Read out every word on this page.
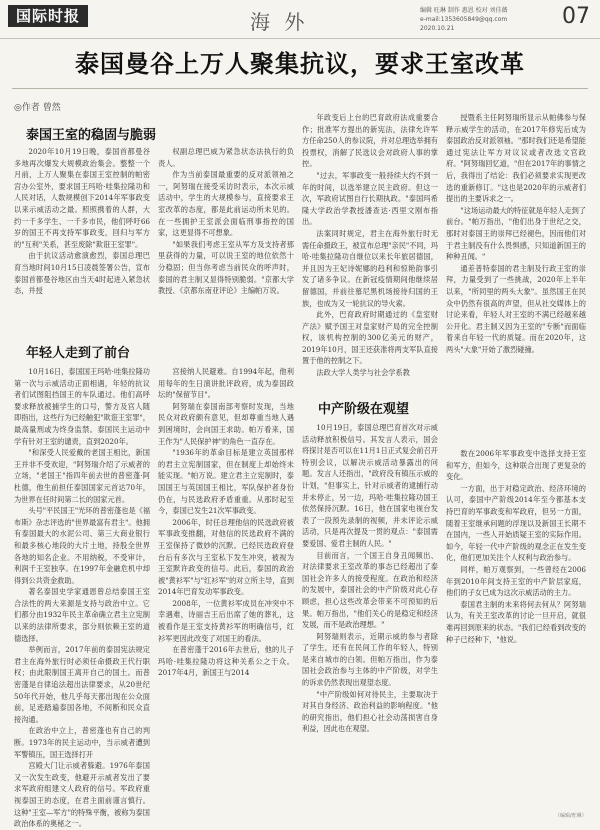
国际时报	海 外	编辑 旺琳 制作 惠恩 校对 刘佳薇
e-mail:1353605849@qq.com
2020.10.21	07
泰国曼谷上万人聚集抗议，要求王室改革
◎作者 曾然
泰国王室的稳固与脆弱

2020年10月19日晚，泰国首都曼谷多地再次爆发大规模政治集会。整整一个月前，上万人聚集在泰国王室控制的帕密宫办公室外，要求国王玛哈·哇集拉隆功和人民对话，人数规模创下2014年军事政变以来示威活动之最。照照携着的人群，大约一千多学生、一千多市民，他们呼吁66岁的国王不再支持军事政变，回归与军方的"互利"关系，甚至废除"欺诳王室罪"。

由于抗议活动愈演愈烈，泰国总理巴育当地时间10月15日凌晨签署公告，宣布泰国首都曼谷地区由当天4时起进入紧急状态，并授

权副总理巴威为紧急状态法执行的负责人。

作为当前泰国最重要的反对派领袖之一，阿努瑞在接受采访时表示，本次示威活动中，学生的大规模参与，直接要求王室改革的态度，都是此前运动所未见的。在一些拥护王室派会面临刑事指控的国家，这更显得不可想象。

"如果我们考虑王室从军方及支持者那里获得的力量，可以说王室的地位依然十分稳固；但当你考虑当前民众的呼声时，泰国的君主制又显得特别脆弱。"京都大学教授、《京都东南亚评论》主编帕万说。

年政变后上台的巴育政府法成重要合作；批准军方提出的新宪法，法律允许军方任命250人的参议院，并对总理选举拥有投票权，消解了民选议会对政府人事的掌控。

"过去，军事政变一般持续大约不到一年的时间，以选举建立民主政府。但这一次，军政府试图自行长期执政。"泰国玛希隆大学政治学教授潘查达·西里文刚布指出。

法案同时规定，君主在海外旅行时无需任命摄政王，被宣布总理"亲民"不同，玛哈·哇集拉隆功自继位以来长年旅居德国，并且因为王妃诗妮娜的趋利和惊艳韵事引发了诸多争议。在新冠疫情期间他继续居留德国，并前往慕尼黑机场接待归国的王族，也成为又一轮抗议的导火索。

此外，巴育政府时期通过的《皇室财产法》赋予国王对皇家财产局的完全控制权，该机构控制的300亿美元的财产，2019年10月，国王还获准将两支军队直接置于他的控制之下。

法政大学人类学与社会学系教

授暨系主任阿努瑞所显示从帕佛参与保释示威学生的活动，在2017年修宪后成为泰国政治反对派领袖。"那时我们还是希望能通过宪法让军方对议议或者改选文官政府。"阿努瑞回忆道，"但在2017年的事情之后，我得出了结论：我们必须要求实现更改选的重新修订。"这也是2020年的示威者们提出的主要诉求之一。

"这场运动最大的特征就是年轻人走到了前台。"帕万指出，"他们出身于世纪之交，那时对泰国王的崇拜已经褪色，因而他们对于君主制没有什么畏惧感，只知道新国王的种种丑闻。"

通差普特泰国的君主制及行政王室的崇拜，力量受到了一些挑战，2020年上半年以来，"所同里的两头大象"。虽然国王在民众中仍然有很高的声望，但从社交媒体上的讨论来看，年轻人对王室的不满已经越来越公开化。君主制又因为王室的"专断"而面临着来自年轻一代的质疑。而在2020年，这两头"大象"开始了激烈碰撞。

年轻人走到了前台

10月16日，泰国国王玛哈·哇集拉隆功第一次与示威活动正面相遇，年轻的抗议者们试图阻挡国王的车队通过。他们高呼要求释放被捕学生的口号，警方及宫人随即指出，这些行为已经触犯"欺诳王室罪"，最高量刑或为终身监禁。泰国民主运动中学有针对王室的谴责，直到2020年。

"和深受人民爱戴的老国王相比，新国王并非不受欢迎，"阿努瑞介绍了示威者的立场，"老国王"指四年前去世的普密蓬·阿杜德，他生前担任泰国国家元首达70年，为世界在任时间第二长的国家元首。

头号"平民国王"光环的普密蓬也是《福布斯》杂志评选的"世界最富有君主"。他拥有泰国最大的水泥公司、第三大商业银行和最多核心地段的大片土地，持股全世界各地的知名企业。不用纳税，不受审计，利润千王室独享。在1997年金融危机中却得到公共资金救助。

著名泰国史学家通恩曾总结泰国王室合法性的两大来源是支持与政治中立。它们都分由1932年民主革命确立君主立宪制以来的法律所要求，部分则依赖王室的道德选择。

举例而言，2017年前的泰国宪法规定君主在海外旅行时必须任命摄政王代行职权；由此限制国王离开自己的国土。而普密蓬是自律追法超出法律要求，从20世纪50年代开始，他几乎每天都出现在公众面前，足迹踏遍泰国各地，不间断和民众直接沟通。

在政治中立上，普密蓬也有自己的判断。1973年的民主运动中，当示威者遭到军警镇压，国王选择打开

宫殿大门让示威者躲避。1976年泰国又一次发生政变，他避开示威者发出了要求军政府组建文人政府的信号。军政府重视泰国王的态度，在君主面前谨言慎行。这种"王室—军方"的特殊平衡，被称为泰国政治体系的奥秘之一。

宫接纳人民避难。自1994年起，他利用每年的生日演讲批评政府，成为泰国政坛的"保留节目"。

阿努瑞在泰国南部考察时发现，当地民众对政府颇有意见，但却尊重当地人遇到困境时，会向国王求助。帕万看来，国王作为"人民保护神"的角色一直存在。

"1936年的革命目标是建立英国那样的君主立宪制国家，但在制度上却始终未能实现。"帕万说。建立君主立宪制时，泰国国王与英国国王相比，军队保护者身份仍在，与民选政府矛盾重重。从那时起至今，泰国已发生21次军事政变。

2006年，时任总理他信的民选政府被军事政变推翻，对他信的民选政府不满的王室保持了微妙的沉默。已经民选政府登台后有多次与王室私下发生冲突，被视为王室默许政变的信号。此后，泰国的政治被"黄衫军"与"红衫军"的对立所主导，直到2014年巴育发动军事政变。

2008年，一位黄衫军成员在冲突中不幸遇难，诗丽吉王后出席了她的葬礼，这被看作是王室支持黄衫军的明确信号，红衫军更因此改变了对国王的看法。

在普密蓬于2016年去世后，他的儿子玛哈·哇集拉隆功将这种关系公之于众。2017年4月，新国王与2014

中产阶级在观望

10月19日，泰国总理巴育首次对示威活动释放积极信号。其发言人表示，国会将探讨是否可以在11月1日正式复会前召开特别会议，以解决示威活动暴露出的问题。发言人还指出，"政府没有镇压示威的计划，"但事实上，针对示威者的逮捕行动并未停止，另一边，玛哈·哇集拉隆功国王依然保持沉默。16日，他在国家电视台发表了一段预先录制的视频，并未评论示威活动，只是再次提及一贯的观点："泰国需要爱国、爱君主制的人民。"

目前而言，一个国王自身丑闻频出、对法律要求王室改革的事态已经超出了泰国社会许多人的接受程度。在政治和经济的发展中，泰国社会的中产阶级对此心存顾虑，担心这些改革会带来不可预知的后果。帕万指出，"他们关心的是稳定和经济发展，而不是政治理想。"

阿努瑞则表示，近期示威的参与者除了学生，还有在民间工作的年轻人，特别是来自城市的白领。但帕万指出，作为泰国社会政治参与主体的中产阶级，对学生的诉求仍然表现出观望态度。

"中产阶级如何对待民主，主要取决于对其自身经济、政治利益的影响程度。"他的研究指出，他们担心社会动荡损害自身利益，因此也在观望。

数在2006年军事政变中选择支持王室和军方，但如今，这种联合出现了更复杂的变化。

一方面，出于对稳定政治、经济环境的认可，泰国中产阶级2014年至今都基本支持巴育的军事政变和军政府，但另一方面，随着王室继承问题的浮现以及新国王长期不在国内，一些人开始质疑王室的实际作用。如今，年轻一代中产阶级的观念正在发生变化，他们更加关注个人权利与政治参与。

同样，帕万观察到，一些曾经在2006年到2010年间支持王室的中产阶层家庭，他们的子女已成为这次示威活动的主力。

泰国君主制的未来将何去何从？阿努瑞认为，有关王室改革的讨论一旦开启，就很难再回到原来的状态。"我们已经看到改变的种子已经种下，"他说。

（编辑/旺琳）
